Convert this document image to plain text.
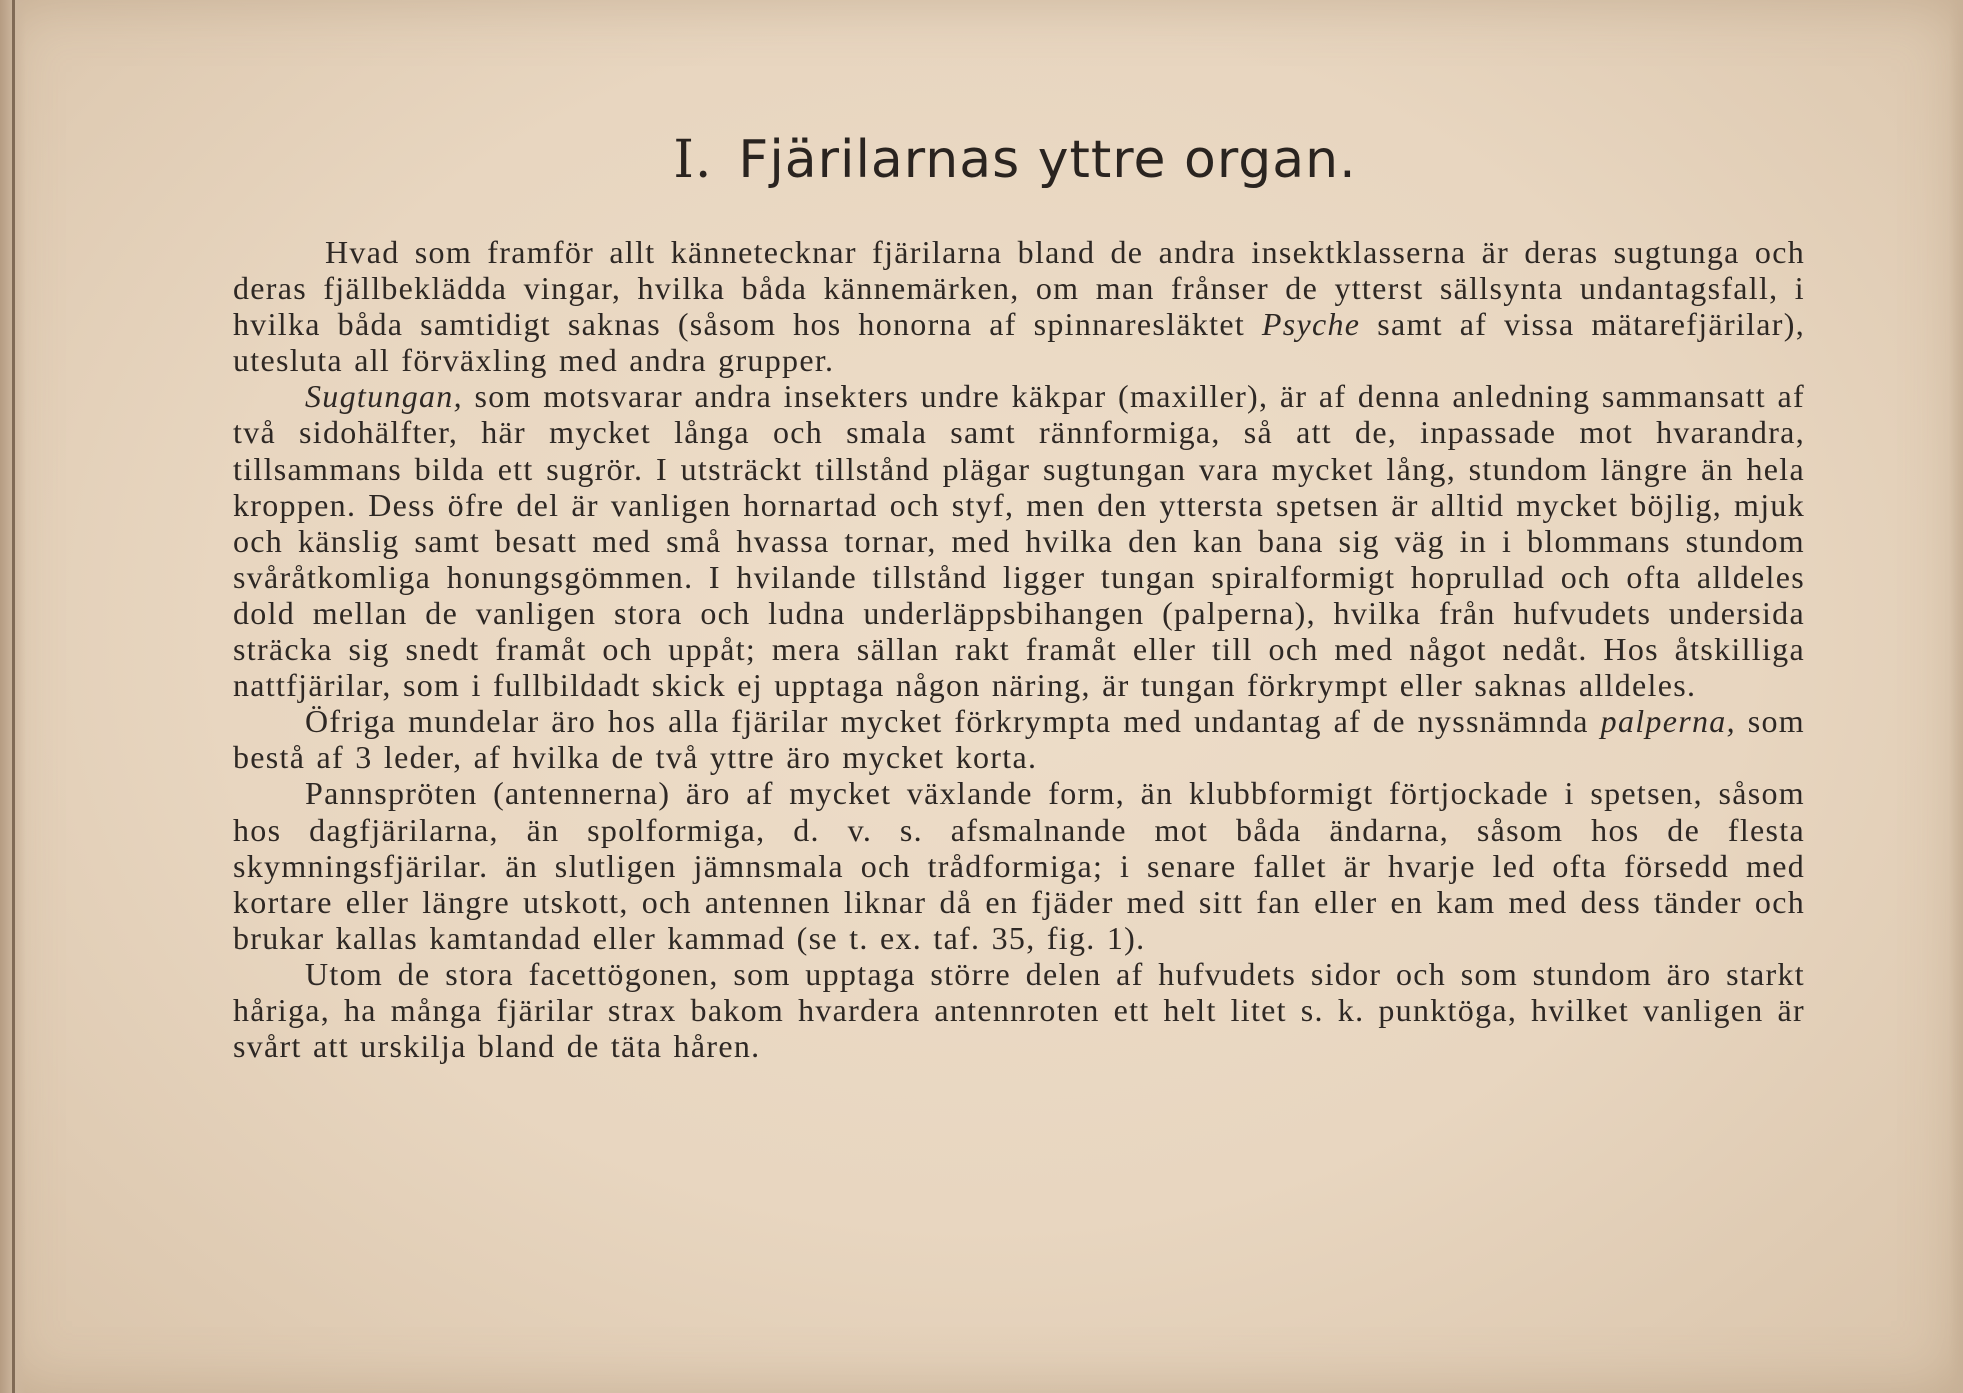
I. Fjärilarnas yttre organ.

Hvad som framför allt kännetecknar fjärilarna bland de andra insektklasserna är deras sugtunga och deras fjällbeklädda vingar, hvilka båda kännemärken, om man frånser de ytterst sällsynta undantagsfall, i hvilka båda samtidigt saknas (såsom hos honorna af spinnaresläktet Psyche samt af vissa mätarefjärilar), utesluta all förväxling med andra grupper.

Sugtungan, som motsvarar andra insekters undre käkpar (maxiller), är af denna anledning sammansatt af två sidohälfter, här mycket långa och smala samt rännformiga, så att de, inpassade mot hvarandra, tillsammans bilda ett sugrör. I utsträckt tillstånd plägar sugtungan vara mycket lång, stundom längre än hela kroppen. Dess öfre del är vanligen hornartad och styf, men den yttersta spetsen är alltid mycket böjlig, mjuk och känslig samt besatt med små hvassa tornar, med hvilka den kan bana sig väg in i blommans stundom svåråtkomliga honungsgömmen. I hvilande tillstånd ligger tungan spiralformigt hoprullad och ofta alldeles dold mellan de vanligen stora och ludna underläppsbihangen (palperna), hvilka från hufvudets undersida sträcka sig snedt framåt och uppåt; mera sällan rakt framåt eller till och med något nedåt. Hos åtskilliga nattfjärilar, som i fullbildadt skick ej upptaga någon näring, är tungan förkrympt eller saknas alldeles.

Öfriga mundelar äro hos alla fjärilar mycket förkrympta med undantag af de nyssnämnda palperna, som bestå af 3 leder, af hvilka de två yttre äro mycket korta.

Pannspröten (antennerna) äro af mycket växlande form, än klubbformigt förtjockade i spetsen, såsom hos dagfjärilarna, än spolformiga, d. v. s. afsmalnande mot båda ändarna, såsom hos de flesta skymningsfjärilar. än slutligen jämnsmala och trådformiga; i senare fallet är hvarje led ofta försedd med kortare eller längre utskott, och antennen liknar då en fjäder med sitt fan eller en kam med dess tänder och brukar kallas kamtandad eller kammad (se t. ex. taf. 35, fig. 1).

Utom de stora facettögonen, som upptaga större delen af hufvudets sidor och som stundom äro starkt håriga, ha många fjärilar strax bakom hvardera antennroten ett helt litet s. k. punktöga, hvilket vanligen är svårt att urskilja bland de täta håren.
